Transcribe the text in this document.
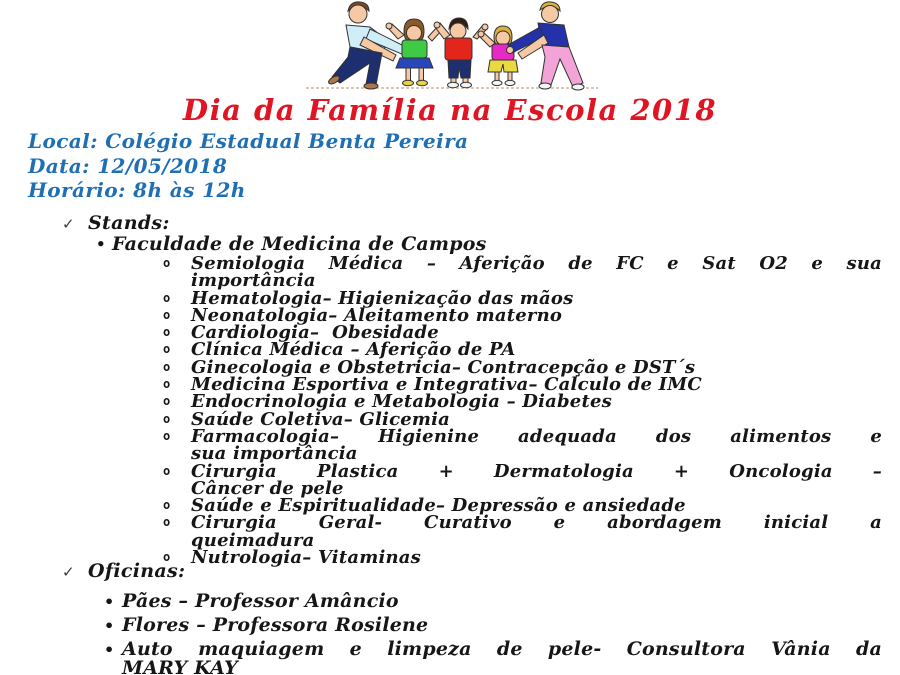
Dia da Família na Escola 2018
Local: Colégio Estadual Benta Pereira
Data: 12/05/2018
Horário: 8h às 12h
✓ Stands:
• Faculdade de Medicina de Campos
o	Semiologia Médica – Aferição de FC e Sat O2 e sua
importância
o	Hematologia– Higienização das mãos
o	Neonatologia– Aleitamento materno
o	Cardiologia–  Obesidade
o	Clínica Médica – Aferição de PA
o	Ginecologia e Obstetricia– Contracepção e DST´s
o	Medicina Esportiva e Integrativa– Calculo de IMC
o	Endocrinologia e Metabologia – Diabetes
o	Saúde Coletiva– Glicemia
o	Farmacologia– Higienine adequada dos alimentos e
sua importância
o	Cirurgia Plastica + Dermatologia + Oncologia –
Câncer de pele
o	Saúde e Espiritualidade– Depressão e ansiedade
o	Cirurgia Geral- Curativo e abordagem inicial a
queimadura
o	Nutrologia– Vitaminas
✓ Oficinas:
• Pães – Professor Amâncio
• Flores – Professora Rosilene
• Auto maquiagem e limpeza de pele- Consultora Vânia da
MARY KAY
